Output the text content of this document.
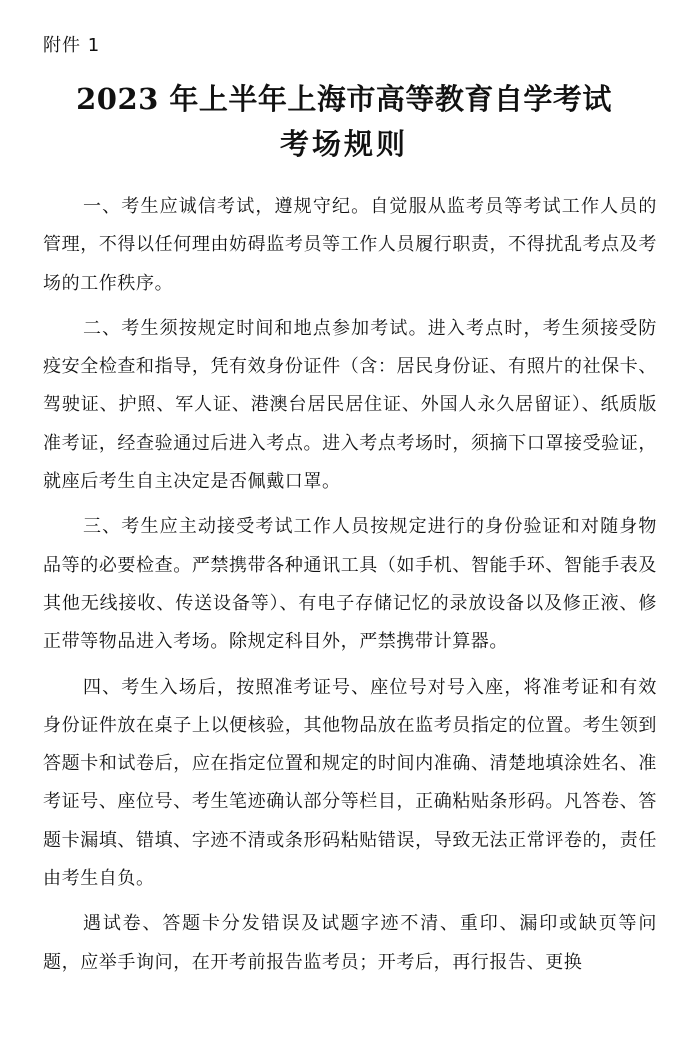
附件 1
2023 年上半年上海市高等教育自学考试
考场规则

一、考生应诚信考试，遵规守纪。自觉服从监考员等考试工作人员的管理，不得以任何理由妨碍监考员等工作人员履行职责，不得扰乱考点及考场的工作秩序。

二、考生须按规定时间和地点参加考试。进入考点时，考生须接受防疫安全检查和指导，凭有效身份证件（含：居民身份证、有照片的社保卡、驾驶证、护照、军人证、港澳台居民居住证、外国人永久居留证）、纸质版准考证，经查验通过后进入考点。进入考点考场时，须摘下口罩接受验证，就座后考生自主决定是否佩戴口罩。

三、考生应主动接受考试工作人员按规定进行的身份验证和对随身物品等的必要检查。严禁携带各种通讯工具（如手机、智能手环、智能手表及其他无线接收、传送设备等）、有电子存储记忆的录放设备以及修正液、修正带等物品进入考场。除规定科目外，严禁携带计算器。

四、考生入场后，按照准考证号、座位号对号入座，将准考证和有效身份证件放在桌子上以便核验，其他物品放在监考员指定的位置。考生领到答题卡和试卷后，应在指定位置和规定的时间内准确、清楚地填涂姓名、准考证号、座位号、考生笔迹确认部分等栏目，正确粘贴条形码。凡答卷、答题卡漏填、错填、字迹不清或条形码粘贴错误，导致无法正常评卷的，责任由考生自负。

遇试卷、答题卡分发错误及试题字迹不清、重印、漏印或缺页等问题，应举手询问，在开考前报告监考员；开考后，再行报告、更换
